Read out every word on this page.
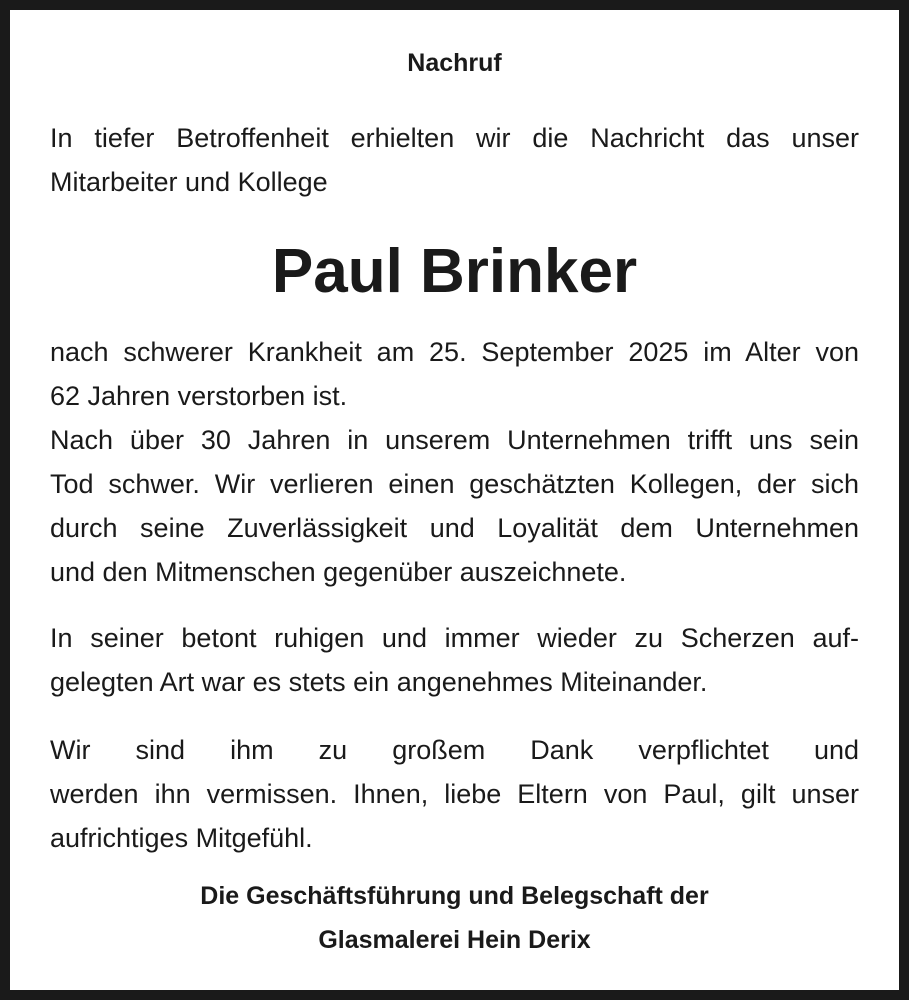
Nachruf
In tiefer Betroffenheit erhielten wir die Nachricht das unser
Mitarbeiter und Kollege
Paul Brinker
nach schwerer Krankheit am 25. September 2025 im Alter von
62 Jahren verstorben ist.
Nach über 30 Jahren in unserem Unternehmen trifft uns sein
Tod schwer. Wir verlieren einen geschätzten Kollegen, der sich
durch seine Zuverlässigkeit und Loyalität dem Unternehmen
und den Mitmenschen gegenüber auszeichnete.
In seiner betont ruhigen und immer wieder zu Scherzen auf-
gelegten Art war es stets ein angenehmes Miteinander.
Wir sind ihm zu großem Dank verpflichtet und
werden ihn vermissen. Ihnen, liebe Eltern von Paul, gilt unser
aufrichtiges Mitgefühl.
Die Geschäftsführung und Belegschaft der
Glasmalerei Hein Derix
